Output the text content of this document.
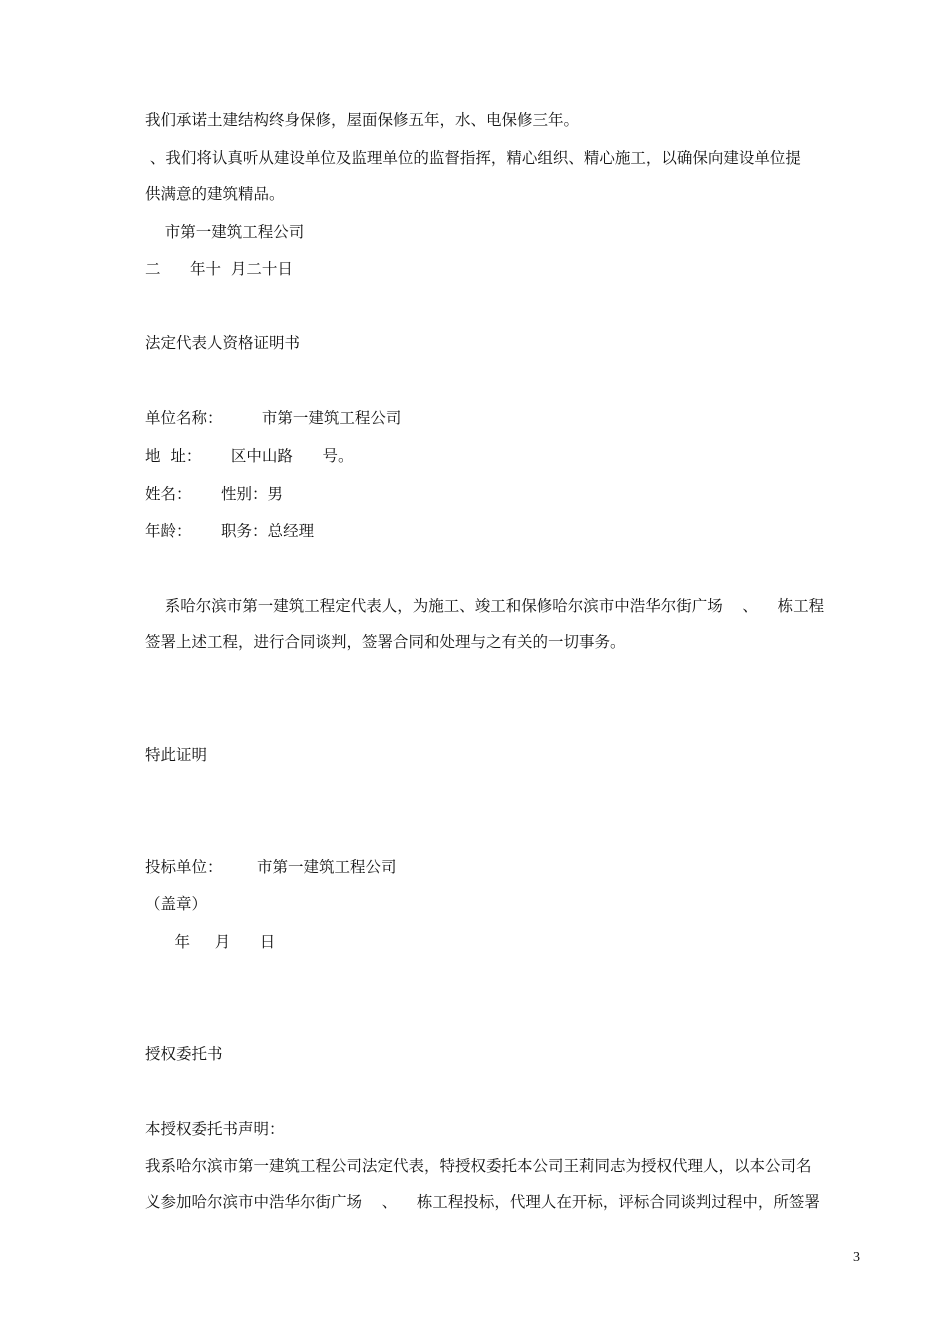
我们承诺土建结构终身保修，屋面保修五年，水、电保修三年。
、我们将认真听从建设单位及监理单位的监督指挥，精心组织、精心施工，以确保向建设单位提
供满意的建筑精品。
市第一建筑工程公司
二      年十  月二十日
法定代表人资格证明书
单位名称：        市第一建筑工程公司
地  址：      区中山路      号。
姓名：      性别：男
年龄：      职务：总经理
系哈尔滨市第一建筑工程定代表人，为施工、竣工和保修哈尔滨市中浩华尔街广场    、    栋工程
签署上述工程，进行合同谈判，签署合同和处理与之有关的一切事务。
特此证明
投标单位：       市第一建筑工程公司
（盖章）
年     月      日
授权委托书
本授权委托书声明：
我系哈尔滨市第一建筑工程公司法定代表，特授权委托本公司王莉同志为授权代理人，以本公司名
义参加哈尔滨市中浩华尔街广场    、    栋工程投标，代理人在开标，评标合同谈判过程中，所签署
3
